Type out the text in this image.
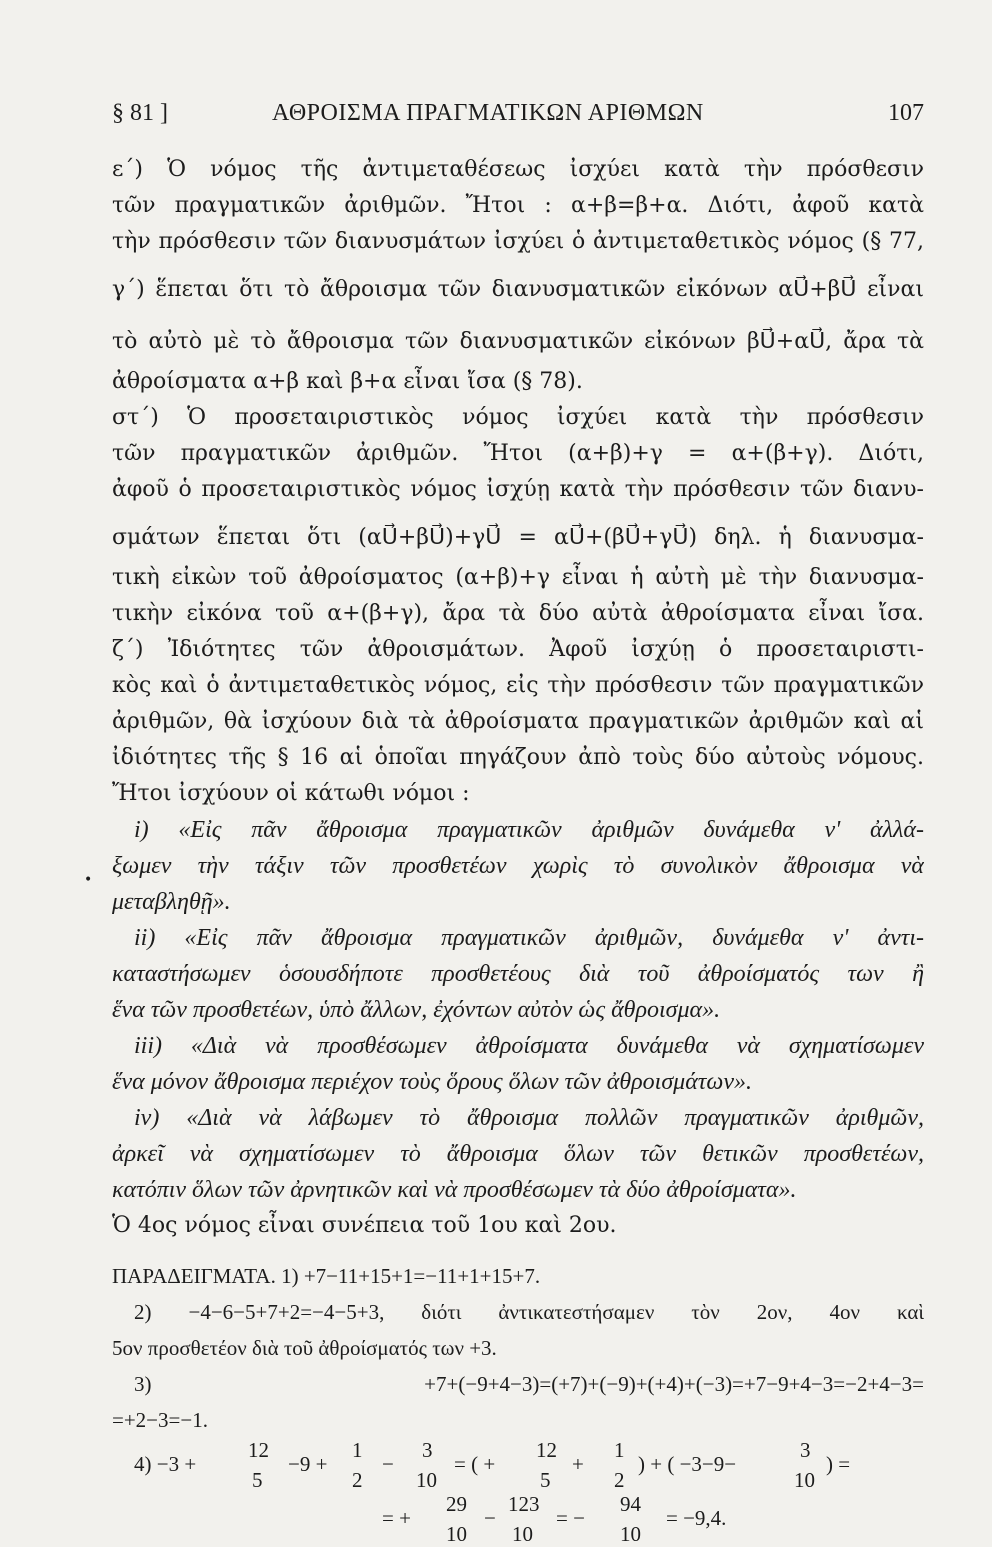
§ 81 ]	ΑΘΡΟΙΣΜΑ ΠΡΑΓΜΑΤΙΚΩΝ ΑΡΙΘΜΩΝ	107
ε΄) Ὁ νόμος τῆς ἀντιμεταθέσεως ἰσχύει κατὰ τὴν πρόσθεσιν
τῶν πραγματικῶν ἀριθμῶν. Ἤτοι : α+β=β+α. Διότι, ἀφοῦ κατὰ
τὴν πρόσθεσιν τῶν διανυσμάτων ἰσχύει ὁ ἀντιμεταθετικὸς νόμος (§ 77,
γ΄) ἕπεται ὅτι τὸ ἄθροισμα τῶν διανυσματικῶν εἰκόνων αU⃗+βU⃗ εἶναι
τὸ αὐτὸ μὲ τὸ ἄθροισμα τῶν διανυσματικῶν εἰκόνων βU⃗+αU⃗, ἄρα τὰ
ἀθροίσματα α+β καὶ β+α εἶναι ἴσα (§ 78).
στ΄) Ὁ προσεταιριστικὸς νόμος ἰσχύει κατὰ τὴν πρόσθεσιν
τῶν πραγματικῶν ἀριθμῶν. Ἤτοι (α+β)+γ = α+(β+γ). Διότι,
ἀφοῦ ὁ προσεταιριστικὸς νόμος ἰσχύῃ κατὰ τὴν πρόσθεσιν τῶν διανυ-
σμάτων ἕπεται ὅτι (αU⃗+βU⃗)+γU⃗ = αU⃗+(βU⃗+γU⃗) δηλ. ἡ διανυσμα-
τικὴ εἰκὼν τοῦ ἀθροίσματος (α+β)+γ εἶναι ἡ αὐτὴ μὲ τὴν διανυσμα-
τικὴν εἰκόνα τοῦ α+(β+γ), ἄρα τὰ δύο αὐτὰ ἀθροίσματα εἶναι ἴσα.
ζ΄) Ἰδιότητες τῶν ἀθροισμάτων. Ἀφοῦ ἰσχύῃ ὁ προσεταιριστι-
κὸς καὶ ὁ ἀντιμεταθετικὸς νόμος, εἰς τὴν πρόσθεσιν τῶν πραγματικῶν
ἀριθμῶν, θὰ ἰσχύουν διὰ τὰ ἀθροίσματα πραγματικῶν ἀριθμῶν καὶ αἱ
ἰδιότητες τῆς § 16 αἱ ὁποῖαι πηγάζουν ἀπὸ τοὺς δύο αὐτοὺς νόμους.
Ἤτοι ἰσχύουν οἱ κάτωθι νόμοι :
i) «Εἰς πᾶν ἄθροισμα πραγματικῶν ἀριθμῶν δυνάμεθα ν' ἀλλά-
ξωμεν τὴν τάξιν τῶν προσθετέων χωρὶς τὸ συνολικὸν ἄθροισμα νὰ
μεταβληθῇ».
ii) «Εἰς πᾶν ἄθροισμα πραγματικῶν ἀριθμῶν, δυνάμεθα ν' ἀντι-
καταστήσωμεν ὁσουσδήποτε προσθετέους διὰ τοῦ ἀθροίσματός των ἢ
ἕνα τῶν προσθετέων, ὑπὸ ἄλλων, ἐχόντων αὐτὸν ὡς ἄθροισμα».
iii) «Διὰ νὰ προσθέσωμεν ἀθροίσματα δυνάμεθα νὰ σχηματίσωμεν
ἕνα μόνον ἄθροισμα περιέχον τοὺς ὅρους ὅλων τῶν ἀθροισμάτων».
iv) «Διὰ νὰ λάβωμεν τὸ ἄθροισμα πολλῶν πραγματικῶν ἀριθμῶν,
ἀρκεῖ νὰ σχηματίσωμεν τὸ ἄθροισμα ὅλων τῶν θετικῶν προσθετέων,
κατόπιν ὅλων τῶν ἀρνητικῶν καὶ νὰ προσθέσωμεν τὰ δύο ἀθροίσματα».
Ὁ 4ος νόμος εἶναι συνέπεια τοῦ 1ου καὶ 2ου.
ΠΑΡΑΔΕΙΓΜΑΤΑ. 1) +7−11+15+1=−11+1+15+7.
2) −4−6−5+7+2=−4−5+3, διότι ἀντικατεστήσαμεν τὸν 2ον, 4ον καὶ
5ον προσθετέον διὰ τοῦ ἀθροίσματός των +3.
3) +7+(−9+4−3)=(+7)+(−9)+(+4)+(−3)=+7−9+4−3=−2+4−3=
=+2−3=−1.
4) −3 +
12
5
−9 +
1
2
−
3
10
= ( +
12
5
+
1
2
) + ( −3−9−
3
10
) =
= +
29
10
−
123
10
= −
94
10
= −9,4.
•
